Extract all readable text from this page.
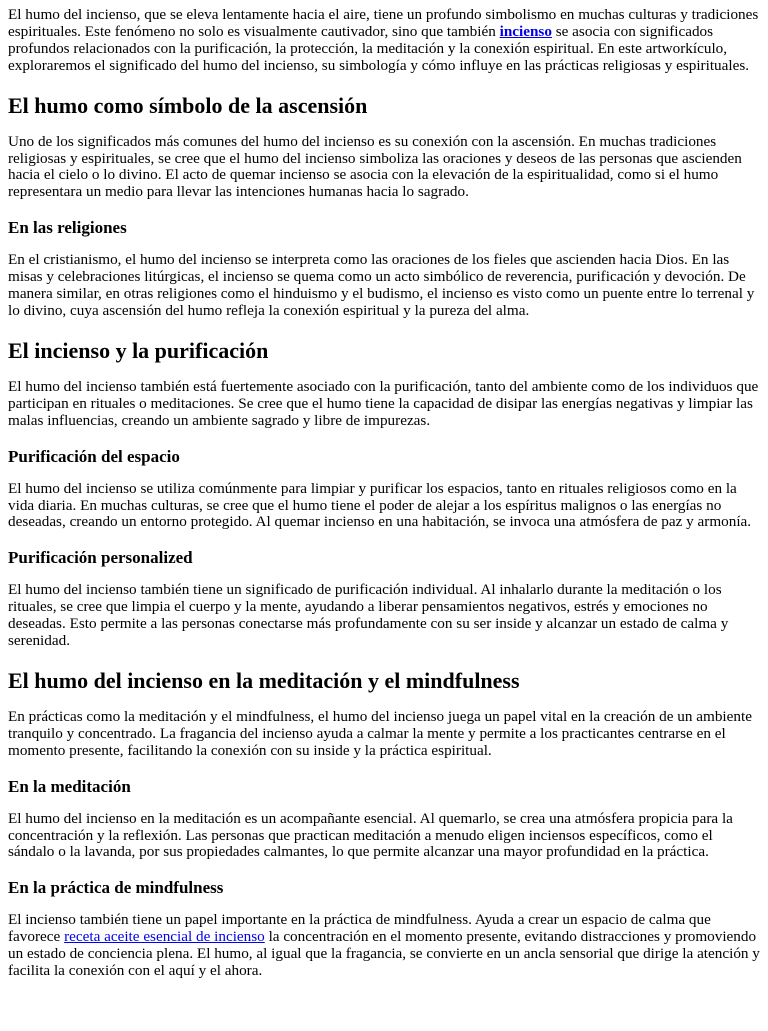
El humo del incienso, que se eleva lentamente hacia el aire, tiene un profundo simbolismo en muchas culturas y tradiciones espirituales. Este fenómeno no solo es visualmente cautivador, sino que también incienso se asocia con significados profundos relacionados con la purificación, la protección, la meditación y la conexión espiritual. En este artworkículo, exploraremos el significado del humo del incienso, su simbología y cómo influye en las prácticas religiosas y espirituales.

El humo como símbolo de la ascensión

Uno de los significados más comunes del humo del incienso es su conexión con la ascensión. En muchas tradiciones religiosas y espirituales, se cree que el humo del incienso simboliza las oraciones y deseos de las personas que ascienden hacia el cielo o lo divino. El acto de quemar incienso se asocia con la elevación de la espiritualidad, como si el humo representara un medio para llevar las intenciones humanas hacia lo sagrado.

En las religiones

En el cristianismo, el humo del incienso se interpreta como las oraciones de los fieles que ascienden hacia Dios. En las misas y celebraciones litúrgicas, el incienso se quema como un acto simbólico de reverencia, purificación y devoción. De manera similar, en otras religiones como el hinduismo y el budismo, el incienso es visto como un puente entre lo terrenal y lo divino, cuya ascensión del humo refleja la conexión espiritual y la pureza del alma.

El incienso y la purificación

El humo del incienso también está fuertemente asociado con la purificación, tanto del ambiente como de los individuos que participan en rituales o meditaciones. Se cree que el humo tiene la capacidad de disipar las energías negativas y limpiar las malas influencias, creando un ambiente sagrado y libre de impurezas.

Purificación del espacio

El humo del incienso se utiliza comúnmente para limpiar y purificar los espacios, tanto en rituales religiosos como en la vida diaria. En muchas culturas, se cree que el humo tiene el poder de alejar a los espíritus malignos o las energías no deseadas, creando un entorno protegido. Al quemar incienso en una habitación, se invoca una atmósfera de paz y armonía.

Purificación personalized

El humo del incienso también tiene un significado de purificación individual. Al inhalarlo durante la meditación o los rituales, se cree que limpia el cuerpo y la mente, ayudando a liberar pensamientos negativos, estrés y emociones no deseadas. Esto permite a las personas conectarse más profundamente con su ser inside y alcanzar un estado de calma y serenidad.

El humo del incienso en la meditación y el mindfulness

En prácticas como la meditación y el mindfulness, el humo del incienso juega un papel vital en la creación de un ambiente tranquilo y concentrado. La fragancia del incienso ayuda a calmar la mente y permite a los practicantes centrarse en el momento presente, facilitando la conexión con su inside y la práctica espiritual.

En la meditación

El humo del incienso en la meditación es un acompañante esencial. Al quemarlo, se crea una atmósfera propicia para la concentración y la reflexión. Las personas que practican meditación a menudo eligen inciensos específicos, como el sándalo o la lavanda, por sus propiedades calmantes, lo que permite alcanzar una mayor profundidad en la práctica.

En la práctica de mindfulness

El incienso también tiene un papel importante en la práctica de mindfulness. Ayuda a crear un espacio de calma que favorece receta aceite esencial de incienso la concentración en el momento presente, evitando distracciones y promoviendo un estado de conciencia plena. El humo, al igual que la fragancia, se convierte en un ancla sensorial que dirige la atención y facilita la conexión con el aquí y el ahora.
